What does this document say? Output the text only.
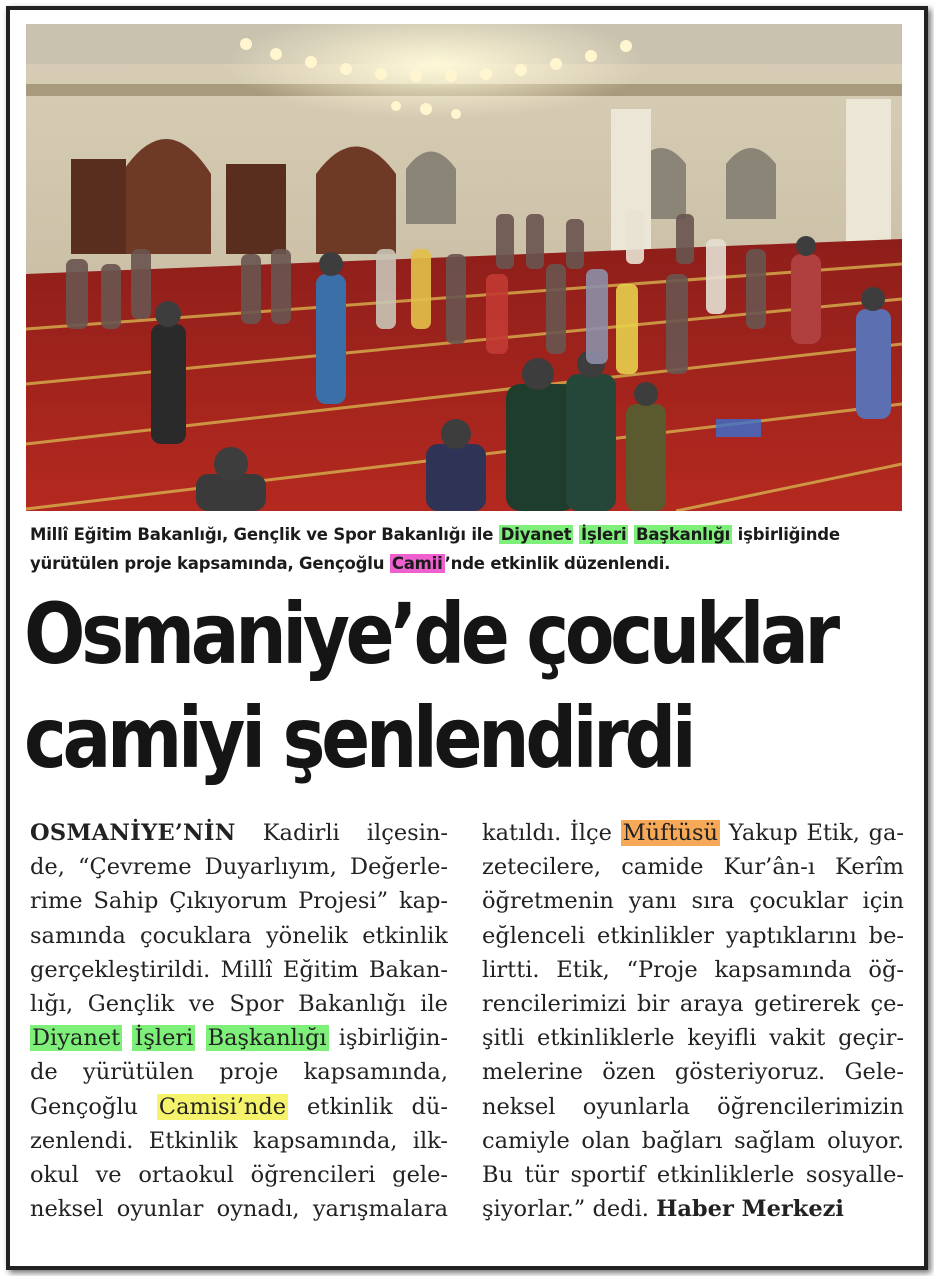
Millî Eğitim Bakanlığı, Gençlik ve Spor Bakanlığı ile Diyanet İşleri Başkanlığı işbirliğinde
yürütülen proje kapsamında, Gençoğlu Camii ’nde etkinlik düzenlendi.
Osmaniye’de çocuklar
camiyi şenlendirdi
OSMANİYE’NİN Kadirli ilçesin-
de, “Çevreme Duyarlıyım, Değerle-
rime Sahip Çıkıyorum Projesi” kap-
samında çocuklara yönelik etkinlik
gerçekleştirildi. Millî Eğitim Bakan-
lığı, Gençlik ve Spor Bakanlığı ile
Diyanet İşleri Başkanlığı işbirliğin-
de yürütülen proje kapsamında,
Gençoğlu Camisi’nde etkinlik dü-
zenlendi. Etkinlik kapsamında, ilk-
okul ve ortaokul öğrencileri gele-
neksel oyunlar oynadı, yarışmalara
katıldı. İlçe Müftüsü Yakup Etik, ga-
zetecilere, camide Kur’ân-ı Kerîm
öğretmenin yanı sıra çocuklar için
eğlenceli etkinlikler yaptıklarını be-
lirtti. Etik, “Proje kapsamında öğ-
rencilerimizi bir araya getirerek çe-
şitli etkinliklerle keyifli vakit geçir-
melerine özen gösteriyoruz. Gele-
neksel oyunlarla öğrencilerimizin
camiyle olan bağları sağlam oluyor.
Bu tür sportif etkinliklerle sosyalle-
şiyorlar.” dedi. Haber Merkezi
